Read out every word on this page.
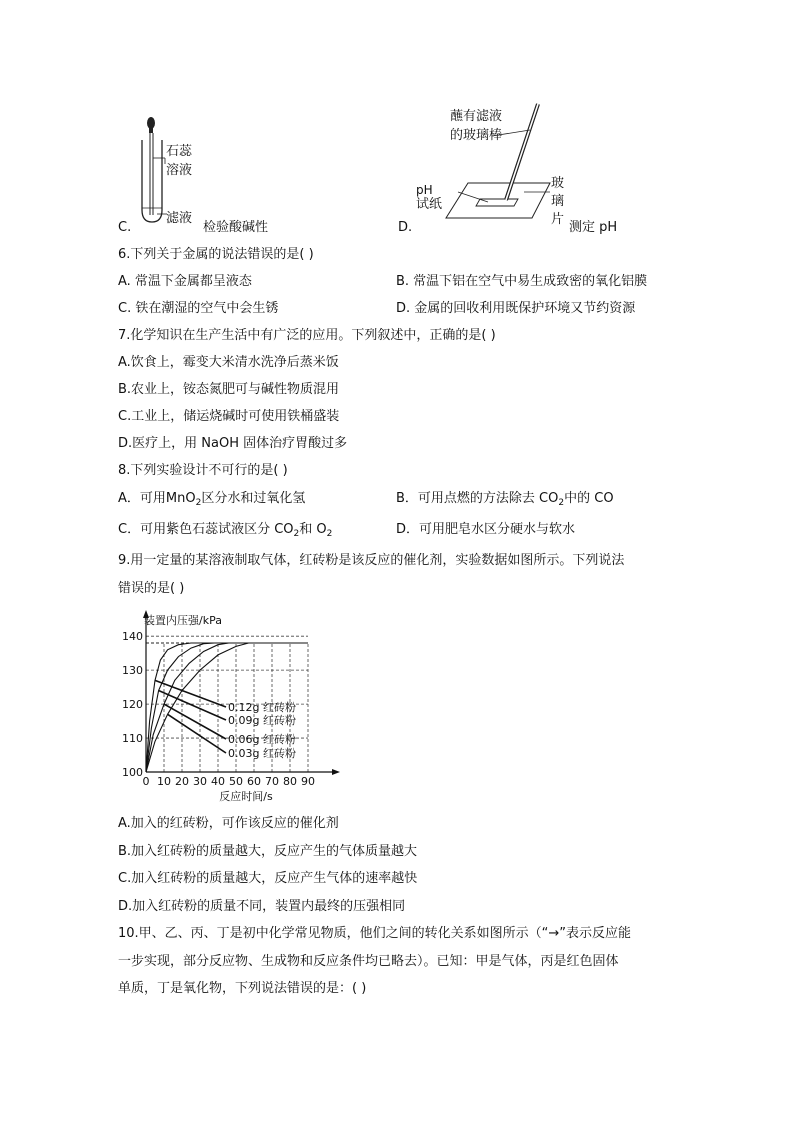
石蕊
溶液
滤液
C.	检验酸碱性
蘸有滤液
的玻璃棒
pH
试纸
玻
璃
片
D.	测定 pH
6.下列关于金属的说法错误的是( )
A. 常温下金属都呈液态	B. 常温下铝在空气中易生成致密的氧化铝膜
C. 铁在潮湿的空气中会生锈	D. 金属的回收利用既保护环境又节约资源
7.化学知识在生产生活中有广泛的应用。下列叙述中，正确的是( )
A.饮食上，霉变大米清水洗净后蒸米饭
B.农业上，铵态氮肥可与碱性物质混用
C.工业上，储运烧碱时可使用铁桶盛装
D.医疗上，用 NaOH 固体治疗胃酸过多
8.下列实验设计不可行的是( )
A．可用MnO$_2$区分水和过氧化氢	B．可用点燃的方法除去 $CO_2$中的 CO
C．可用紫色石蕊试液区分 $CO_2$和 $O_2$	D．可用肥皂水区分硬水与软水
9.用一定量的某溶液制取气体，红砖粉是该反应的催化剂，实验数据如图所示。下列说法
错误的是( )
0 10 20 30 40 50 60 70 80 90
100
110
120
130
140
装置内压强/kPa
反应时间/s
0.12g 红砖粉
0.09g 红砖粉
0.06g 红砖粉
0.03g 红砖粉
A.加入的红砖粉，可作该反应的催化剂
B.加入红砖粉的质量越大，反应产生的气体质量越大
C.加入红砖粉的质量越大，反应产生气体的速率越快
D.加入红砖粉的质量不同，装置内最终的压强相同
10.甲、乙、丙、丁是初中化学常见物质，他们之间的转化关系如图所示（“→”表示反应能
一步实现，部分反应物、生成物和反应条件均已略去）。已知：甲是气体，丙是红色固体
单质，丁是氧化物，下列说法错误的是：( )
